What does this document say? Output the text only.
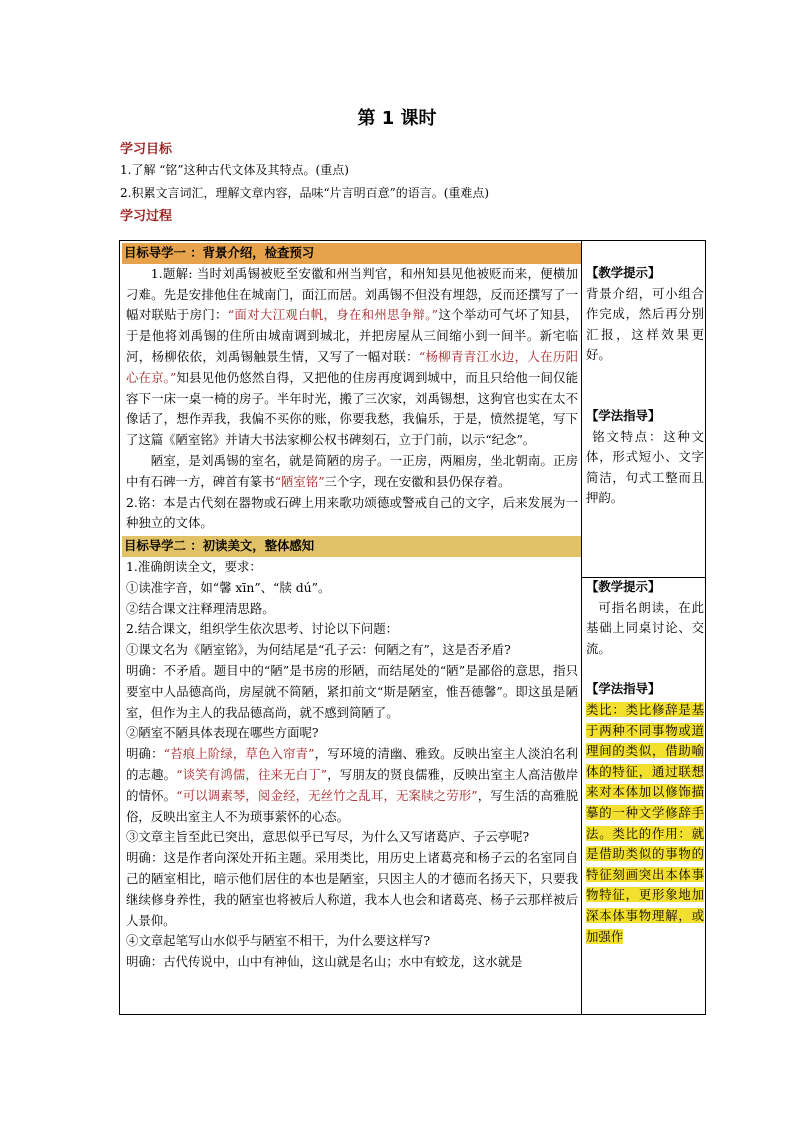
第 1 课时
学习目标
1.了解 “铭”这种古代文体及其特点。(重点)
2.积累文言词汇，理解文章内容，品味“片言明百意”的语言。(重难点)
学习过程
目标导学一 ：背景介绍，检查预习

1.题解: 当时刘禹锡被贬至安徽和州当判官，和州知县见他被贬而来，便横加刁难。先是安排他住在城南门，面江而居。刘禹锡不但没有埋怨，反而还撰写了一幅对联贴于房门：“面对大江观白帆，身在和州思争辩。”这个举动可气坏了知县，于是他将刘禹锡的住所由城南调到城北，并把房屋从三间缩小到一间半。新宅临河，杨柳依依，刘禹锡触景生情，又写了一幅对联：“杨柳青青江水边，人在历阳心在京。”知县见他仍悠然自得，又把他的住房再度调到城中，而且只给他一间仅能容下一床一桌一椅的房子。半年时光，搬了三次家，刘禹锡想，这狗官也实在太不像话了，想作弄我，我偏不买你的账，你要我愁，我偏乐，于是，愤然提笔，写下了这篇《陋室铭》并请大书法家柳公权书碑刻石，立于门前，以示“纪念”。

陋室，是刘禹锡的室名，就是简陋的房子。一正房，两厢房，坐北朝南。正房中有石碑一方，碑首有篆书“陋室铭”三个字，现在安徽和县仍保存着。

2.铭：本是古代刻在器物或石碑上用来歌功颂德或警戒自己的文字，后来发展为一种独立的文体。

目标导学二 ：初读美文，整体感知

1.准确朗读全文，要求：

①读准字音，如“馨 xīn”、“牍 dú”。

②结合课文注释理清思路。

2.结合课文，组织学生依次思考、讨论以下问题：

①课文名为《陋室铭》，为何结尾是“孔子云：何陋之有”，这是否矛盾?

明确：不矛盾。题目中的“陋”是书房的形陋，而结尾处的“陋”是鄙俗的意思，指只要室中人品德高尚，房屋就不简陋，紧扣前文“斯是陋室，惟吾德馨”。即这虽是陋室，但作为主人的我品德高尚，就不感到简陋了。

②陋室不陋具体表现在哪些方面呢?

明确：“苔痕上阶绿，草色入帘青”，写环境的清幽、雅致。反映出室主人淡泊名利的志趣。“谈笑有鸿儒，往来无白丁”，写朋友的贤良儒雅，反映出室主人高洁傲岸的情怀。“可以调素琴，阅金经，无丝竹之乱耳，无案牍之劳形”，写生活的高雅脱俗，反映出室主人不为琐事萦怀的心态。

③文章主旨至此已突出，意思似乎已写尽，为什么又写诸葛庐、子云亭呢?

明确：这是作者向深处开拓主题。采用类比，用历史上诸葛亮和杨子云的名室同自己的陋室相比，暗示他们居住的本也是陋室，只因主人的才德而名扬天下，只要我继续修身养性，我的陋室也将被后人称道，我本人也会和诸葛亮、杨子云那样被后人景仰。

④文章起笔写山水似乎与陋室不相干，为什么要这样写?

明确：古代传说中，山中有神仙，这山就是名山；水中有蛟龙，这水就是

【教学提示】

背景介绍，可小组合作完成，然后再分别汇报，这样效果更好。

【学法指导】

铭文特点：这种文体，形式短小、文字简洁，句式工整而且押韵。

【教学提示】

可指名朗读，在此基础上同桌讨论、交流。

【学法指导】

类比：类比修辞是基于两种不同事物或道理间的类似，借助喻体的特征，通过联想来对本体加以修饰描摹的一种文学修辞手法。类比的作用：就是借助类似的事物的特征刻画突出本体事物特征，更形象地加深本体事物理解，或加强作
